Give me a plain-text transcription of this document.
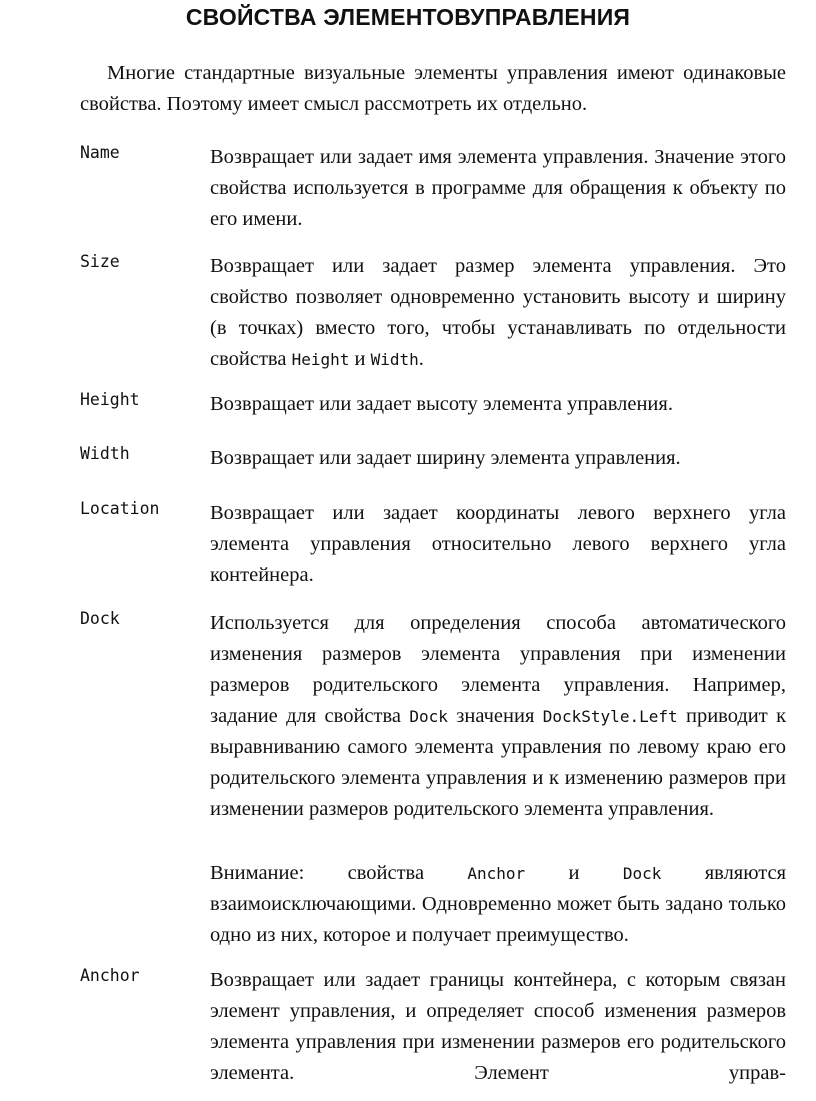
СВОЙСТВА ЭЛЕМЕНТОВУПРАВЛЕНИЯ

Многие стандартные визуальные элементы управления имеют одинаковые свойства. Поэтому имеет смысл рассмотреть их отдельно.

Name	Возвращает или задает имя элемента управления. Значение этого свойства используется в программе для обращения к объекту по его имени.

Size	Возвращает или задает размер элемента управления. Это свойство позволяет одновременно установить высоту и ширину (в точках) вместо того, чтобы устанавливать по отдельности свойства Height и Width.

Height	Возвращает или задает высоту элемента управления.

Width	Возвращает или задает ширину элемента управления.

Location Возвращает или задает координаты левого верхнего угла элемента управления относительно левого верхнего угла контейнера.

Dock	Используется для определения способа автоматического изменения размеров элемента управления при изменении размеров родительского элемента управления. Например, задание для свойства Dock значения DockStyle.Left приводит к выравниванию самого элемента управления по левому краю его родительского элемента управления и к изменению размеров при изменении размеров родительского элемента управления.

Внимание: свойства	Anchor и	Dock являются взаимоисключающими. Одновременно может быть задано только одно из них, которое и получает преимущество.

Anchor	Возвращает или задает границы контейнера, с которым связан элемент управления, и определяет способ изменения размеров элемента управления при изменении размеров его родительского элемента. Элемент управ-
